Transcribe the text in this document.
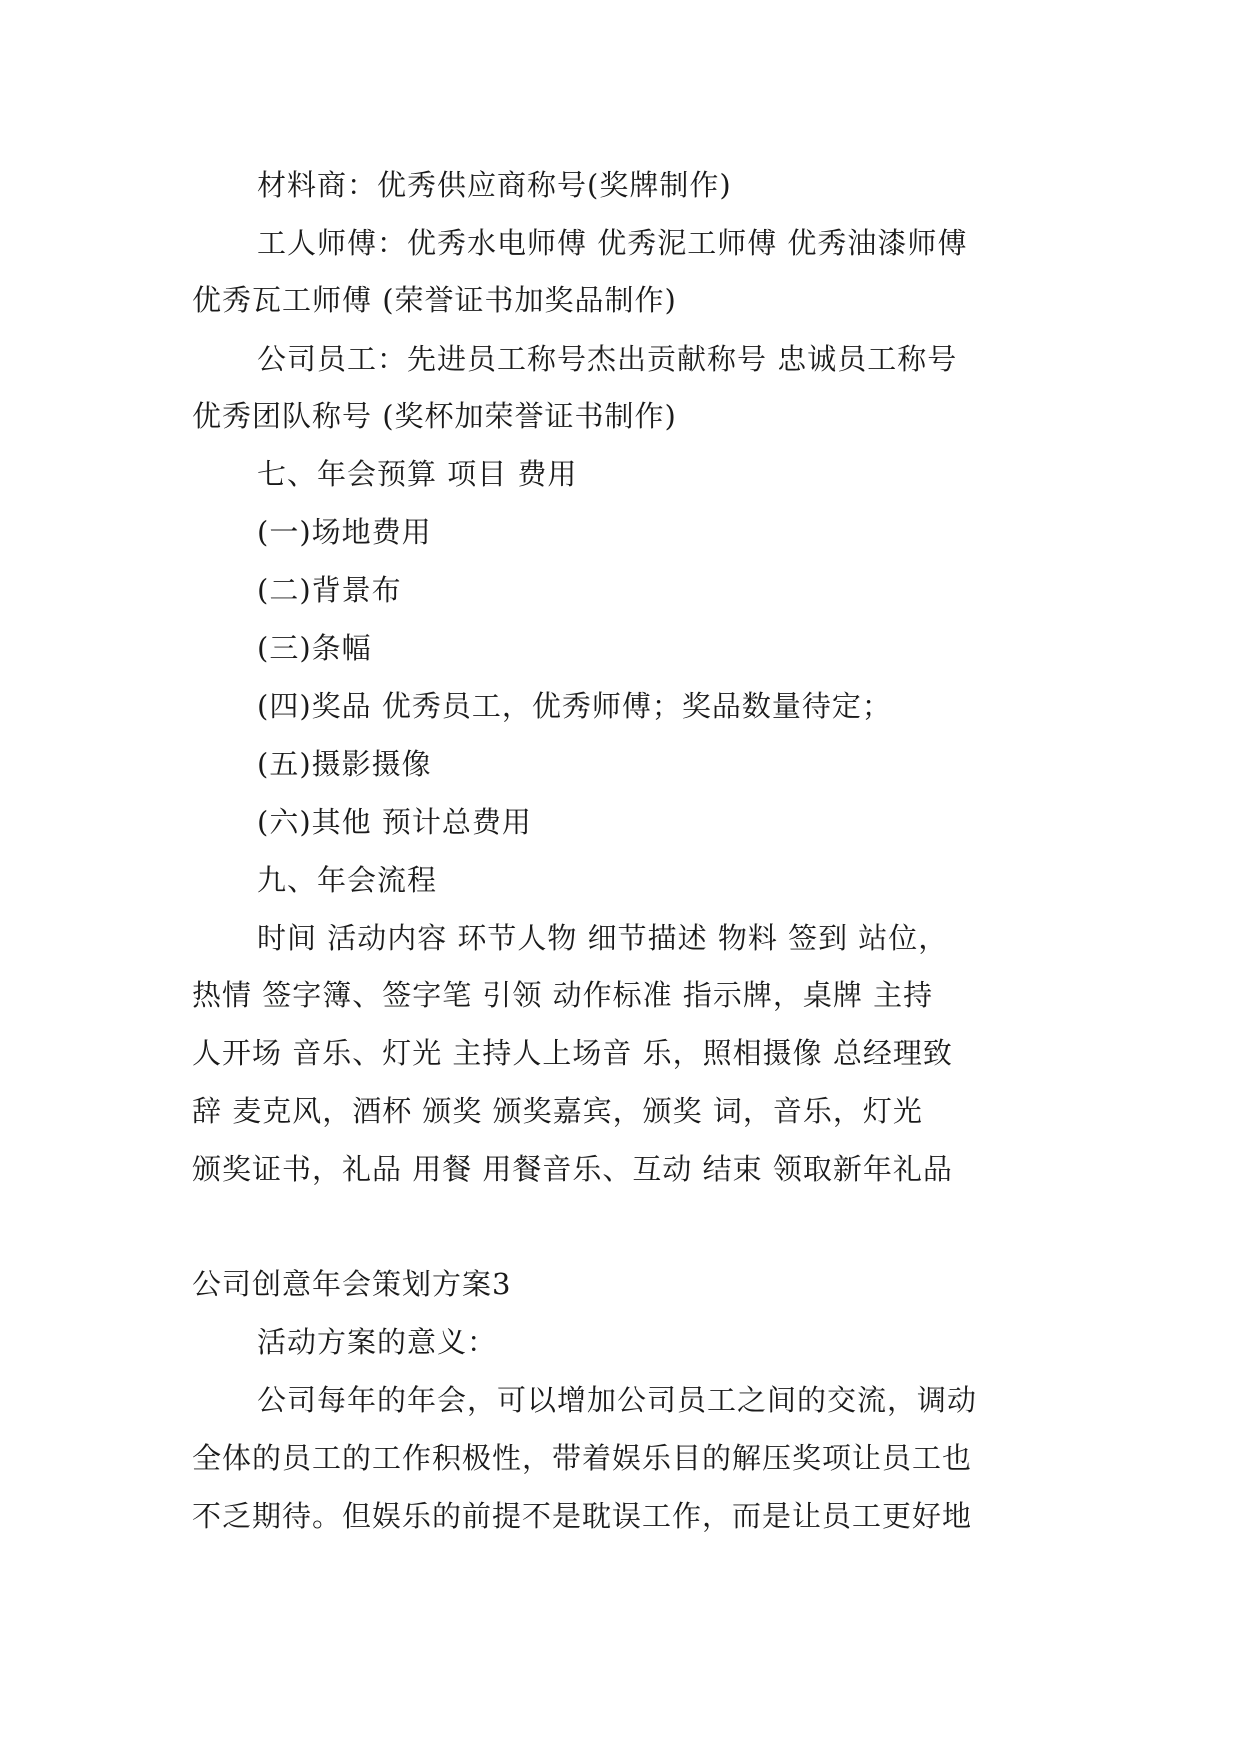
材料商：优秀供应商称号(奖牌制作)
工人师傅：优秀水电师傅 优秀泥工师傅 优秀油漆师傅
优秀瓦工师傅 (荣誉证书加奖品制作)
公司员工：先进员工称号杰出贡献称号 忠诚员工称号
优秀团队称号 (奖杯加荣誉证书制作)
七、年会预算 项目 费用
(一)场地费用
(二)背景布
(三)条幅
(四)奖品 优秀员工，优秀师傅；奖品数量待定；
(五)摄影摄像
(六)其他 预计总费用
九、年会流程
时间 活动内容 环节人物 细节描述 物料 签到 站位，
热情 签字簿、签字笔 引领 动作标准 指示牌，桌牌 主持
人开场 音乐、灯光 主持人上场音 乐，照相摄像 总经理致
辞 麦克风，酒杯 颁奖 颁奖嘉宾，颁奖 词，音乐，灯光
颁奖证书，礼品 用餐 用餐音乐、互动 结束 领取新年礼品
公司创意年会策划方案3
活动方案的意义：
公司每年的年会，可以增加公司员工之间的交流，调动
全体的员工的工作积极性，带着娱乐目的解压奖项让员工也
不乏期待。但娱乐的前提不是耽误工作，而是让员工更好地
